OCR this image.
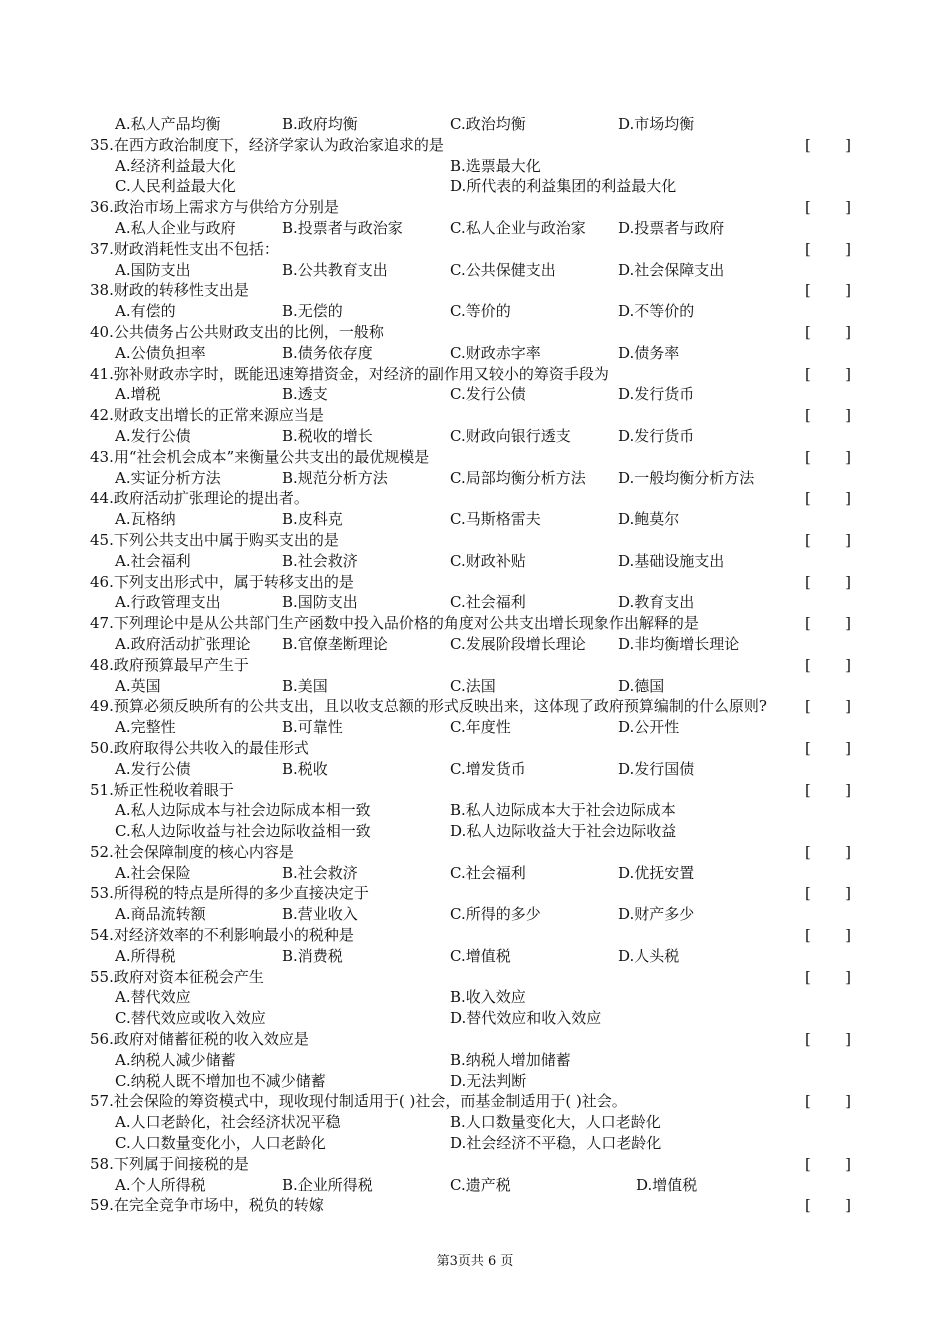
A.私人产品均衡	B.政府均衡	C.政治均衡	D.市场均衡
35.在西方政治制度下，经济学家认为政治家追求的是	[ ]
A.经济利益最大化	B.选票最大化
C.人民利益最大化	D.所代表的利益集团的利益最大化
36.政治市场上需求方与供给方分别是	[ ]
A.私人企业与政府	B.投票者与政治家	C.私人企业与政治家 D.投票者与政府
37.财政消耗性支出不包括：	[ ]
A.国防支出	B.公共教育支出	C.公共保健支出	D.社会保障支出
38.财政的转移性支出是	[ ]
A.有偿的	B.无偿的	C.等价的	D.不等价的
40.公共债务占公共财政支出的比例，一般称	[ ]
A.公债负担率	B.债务依存度	C.财政赤字率	D.债务率
41.弥补财政赤字时，既能迅速筹措资金，对经济的副作用又较小的筹资手段为	[ ]
A.增税	B.透支	C.发行公债	D.发行货币
42.财政支出增长的正常来源应当是	[ ]
A.发行公债	B.税收的增长	C.财政向银行透支	D.发行货币
43.用“社会机会成本”来衡量公共支出的最优规模是	[ ]
A.实证分析方法	B.规范分析方法	C.局部均衡分析方法 D.一般均衡分析方法
44.政府活动扩张理论的提出者。	[ ]
A.瓦格纳	B.皮科克	C.马斯格雷夫	D.鲍莫尔
45.下列公共支出中属于购买支出的是	[ ]
A.社会福利	B.社会救济	C.财政补贴	D.基础设施支出
46.下列支出形式中，属于转移支出的是	[ ]
A.行政管理支出	B.国防支出	C.社会福利	D.教育支出
47.下列理论中是从公共部门生产函数中投入品价格的角度对公共支出增长现象作出解释的是	[ ]
A.政府活动扩张理论 B.官僚垄断理论	C.发展阶段增长理论 D.非均衡增长理论
48.政府预算最早产生于	[ ]
A.英国	B.美国	C.法国	D.德国
49.预算必须反映所有的公共支出，且以收支总额的形式反映出来，这体现了政府预算编制的什么原则?	[ ]
A.完整性	B.可靠性	C.年度性	D.公开性
50.政府取得公共收入的最佳形式	[ ]
A.发行公债	B.税收	C.增发货币	D.发行国债
51.矫正性税收着眼于	[ ]
A.私人边际成本与社会边际成本相一致	B.私人边际成本大于社会边际成本
C.私人边际收益与社会边际收益相一致	D.私人边际收益大于社会边际收益
52.社会保障制度的核心内容是	[ ]
A.社会保险	B.社会救济	C.社会福利	D.优抚安置
53.所得税的特点是所得的多少直接决定于	[ ]
A.商品流转额	B.营业收入	C.所得的多少	D.财产多少
54.对经济效率的不利影响最小的税种是	[ ]
A.所得税	B.消费税	C.增值税	D.人头税
55.政府对资本征税会产生	[ ]
A.替代效应	B.收入效应
C.替代效应或收入效应	D.替代效应和收入效应
56.政府对储蓄征税的收入效应是	[ ]
A.纳税人减少储蓄	B.纳税人增加储蓄
C.纳税人既不增加也不减少储蓄	D.无法判断
57.社会保险的筹资模式中，现收现付制适用于( )社会，而基金制适用于( )社会。	[ ]
A.人口老龄化，社会经济状况平稳	B.人口数量变化大，人口老龄化
C.人口数量变化小，人口老龄化	D.社会经济不平稳，人口老龄化
58.下列属于间接税的是	[ ]
A.个人所得税	B.企业所得税	C.遗产税	D.增值税
59.在完全竞争市场中，税负的转嫁	[ ]
第3页共 6 页
